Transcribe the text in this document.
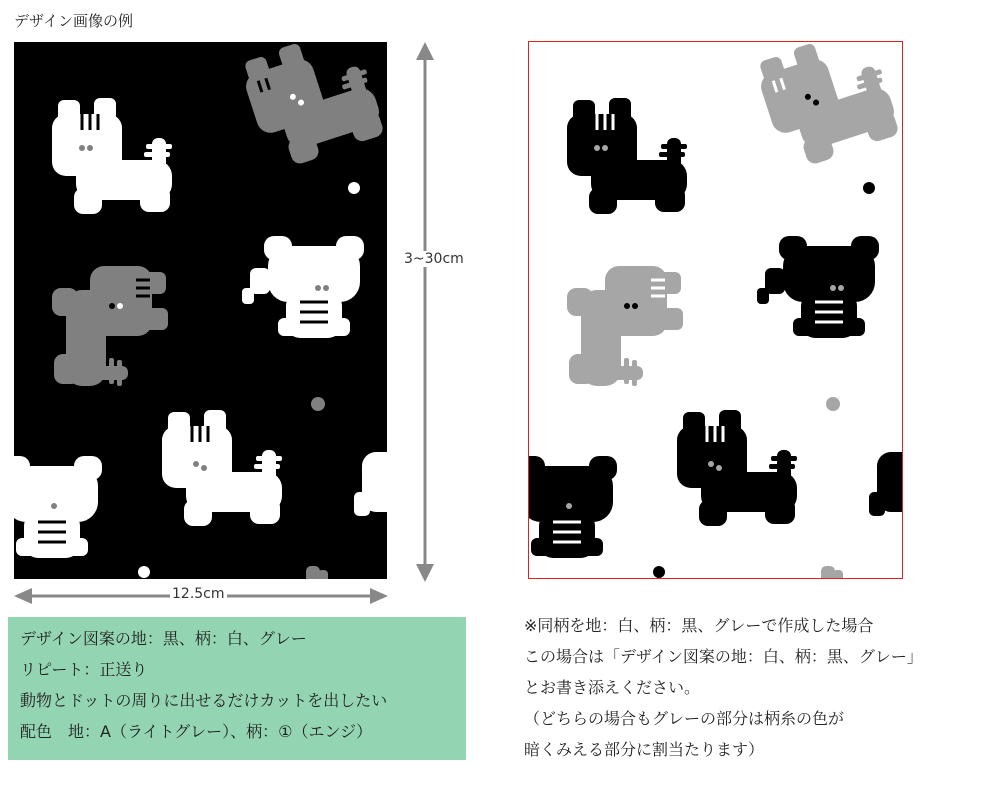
デザイン画像の例
3~30cm
12.5cm
デザイン図案の地：黒、柄：白、グレー
リピート：正送り
動物とドットの周りに出せるだけカットを出したい
配色　地：A（ライトグレー）、柄：①（エンジ）
※同柄を地：白、柄：黒、グレーで作成した場合
この場合は「デザイン図案の地：白、柄：黒、グレー」
とお書き添えください。
（どちらの場合もグレーの部分は柄糸の色が
暗くみえる部分に割当たります）
